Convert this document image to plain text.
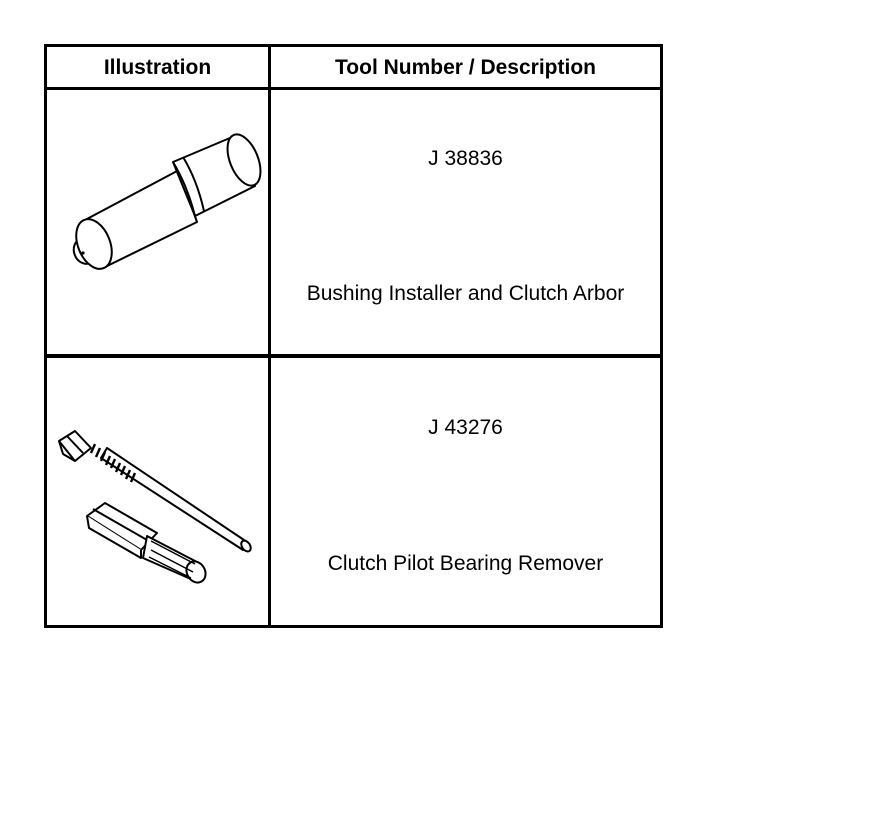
Illustration	Tool Number / Description
J 38836
Bushing Installer and Clutch Arbor
J 43276
Clutch Pilot Bearing Remover
